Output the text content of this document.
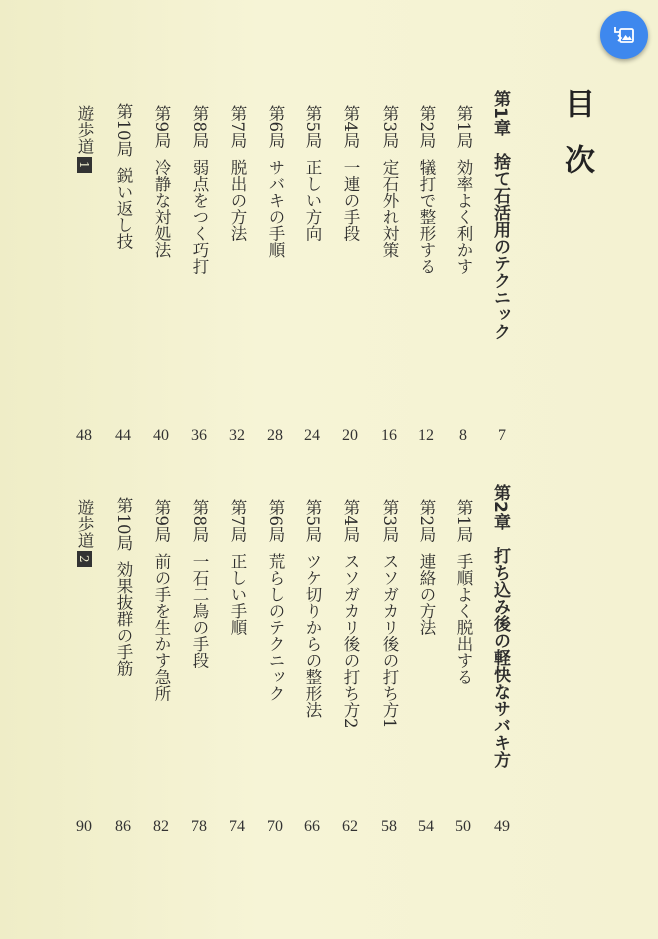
目次
第1章　捨て石活用のテクニック
7
第1局効率よく利かす
8
第2局犠打で整形する
12
第3局定石外れ対策
16
第4局一連の手段
20
第5局正しい方向
24
第6局サバキの手順
28
第7局脱出の方法
32
第8局弱点をつく巧打
36
第9局冷静な対処法
40
第10局鋭い返し技
44
遊歩道1
48
第2章　打ち込み後の軽快なサバキ方
49
第1局手順よく脱出する
50
第2局連絡の方法
54
第3局スソガカリ後の打ち方1
58
第4局スソガカリ後の打ち方2
62
第5局ツケ切りからの整形法
66
第6局荒らしのテクニック
70
第7局正しい手順
74
第8局一石二鳥の手段
78
第9局前の手を生かす急所
82
第10局効果抜群の手筋
86
遊歩道2
90
